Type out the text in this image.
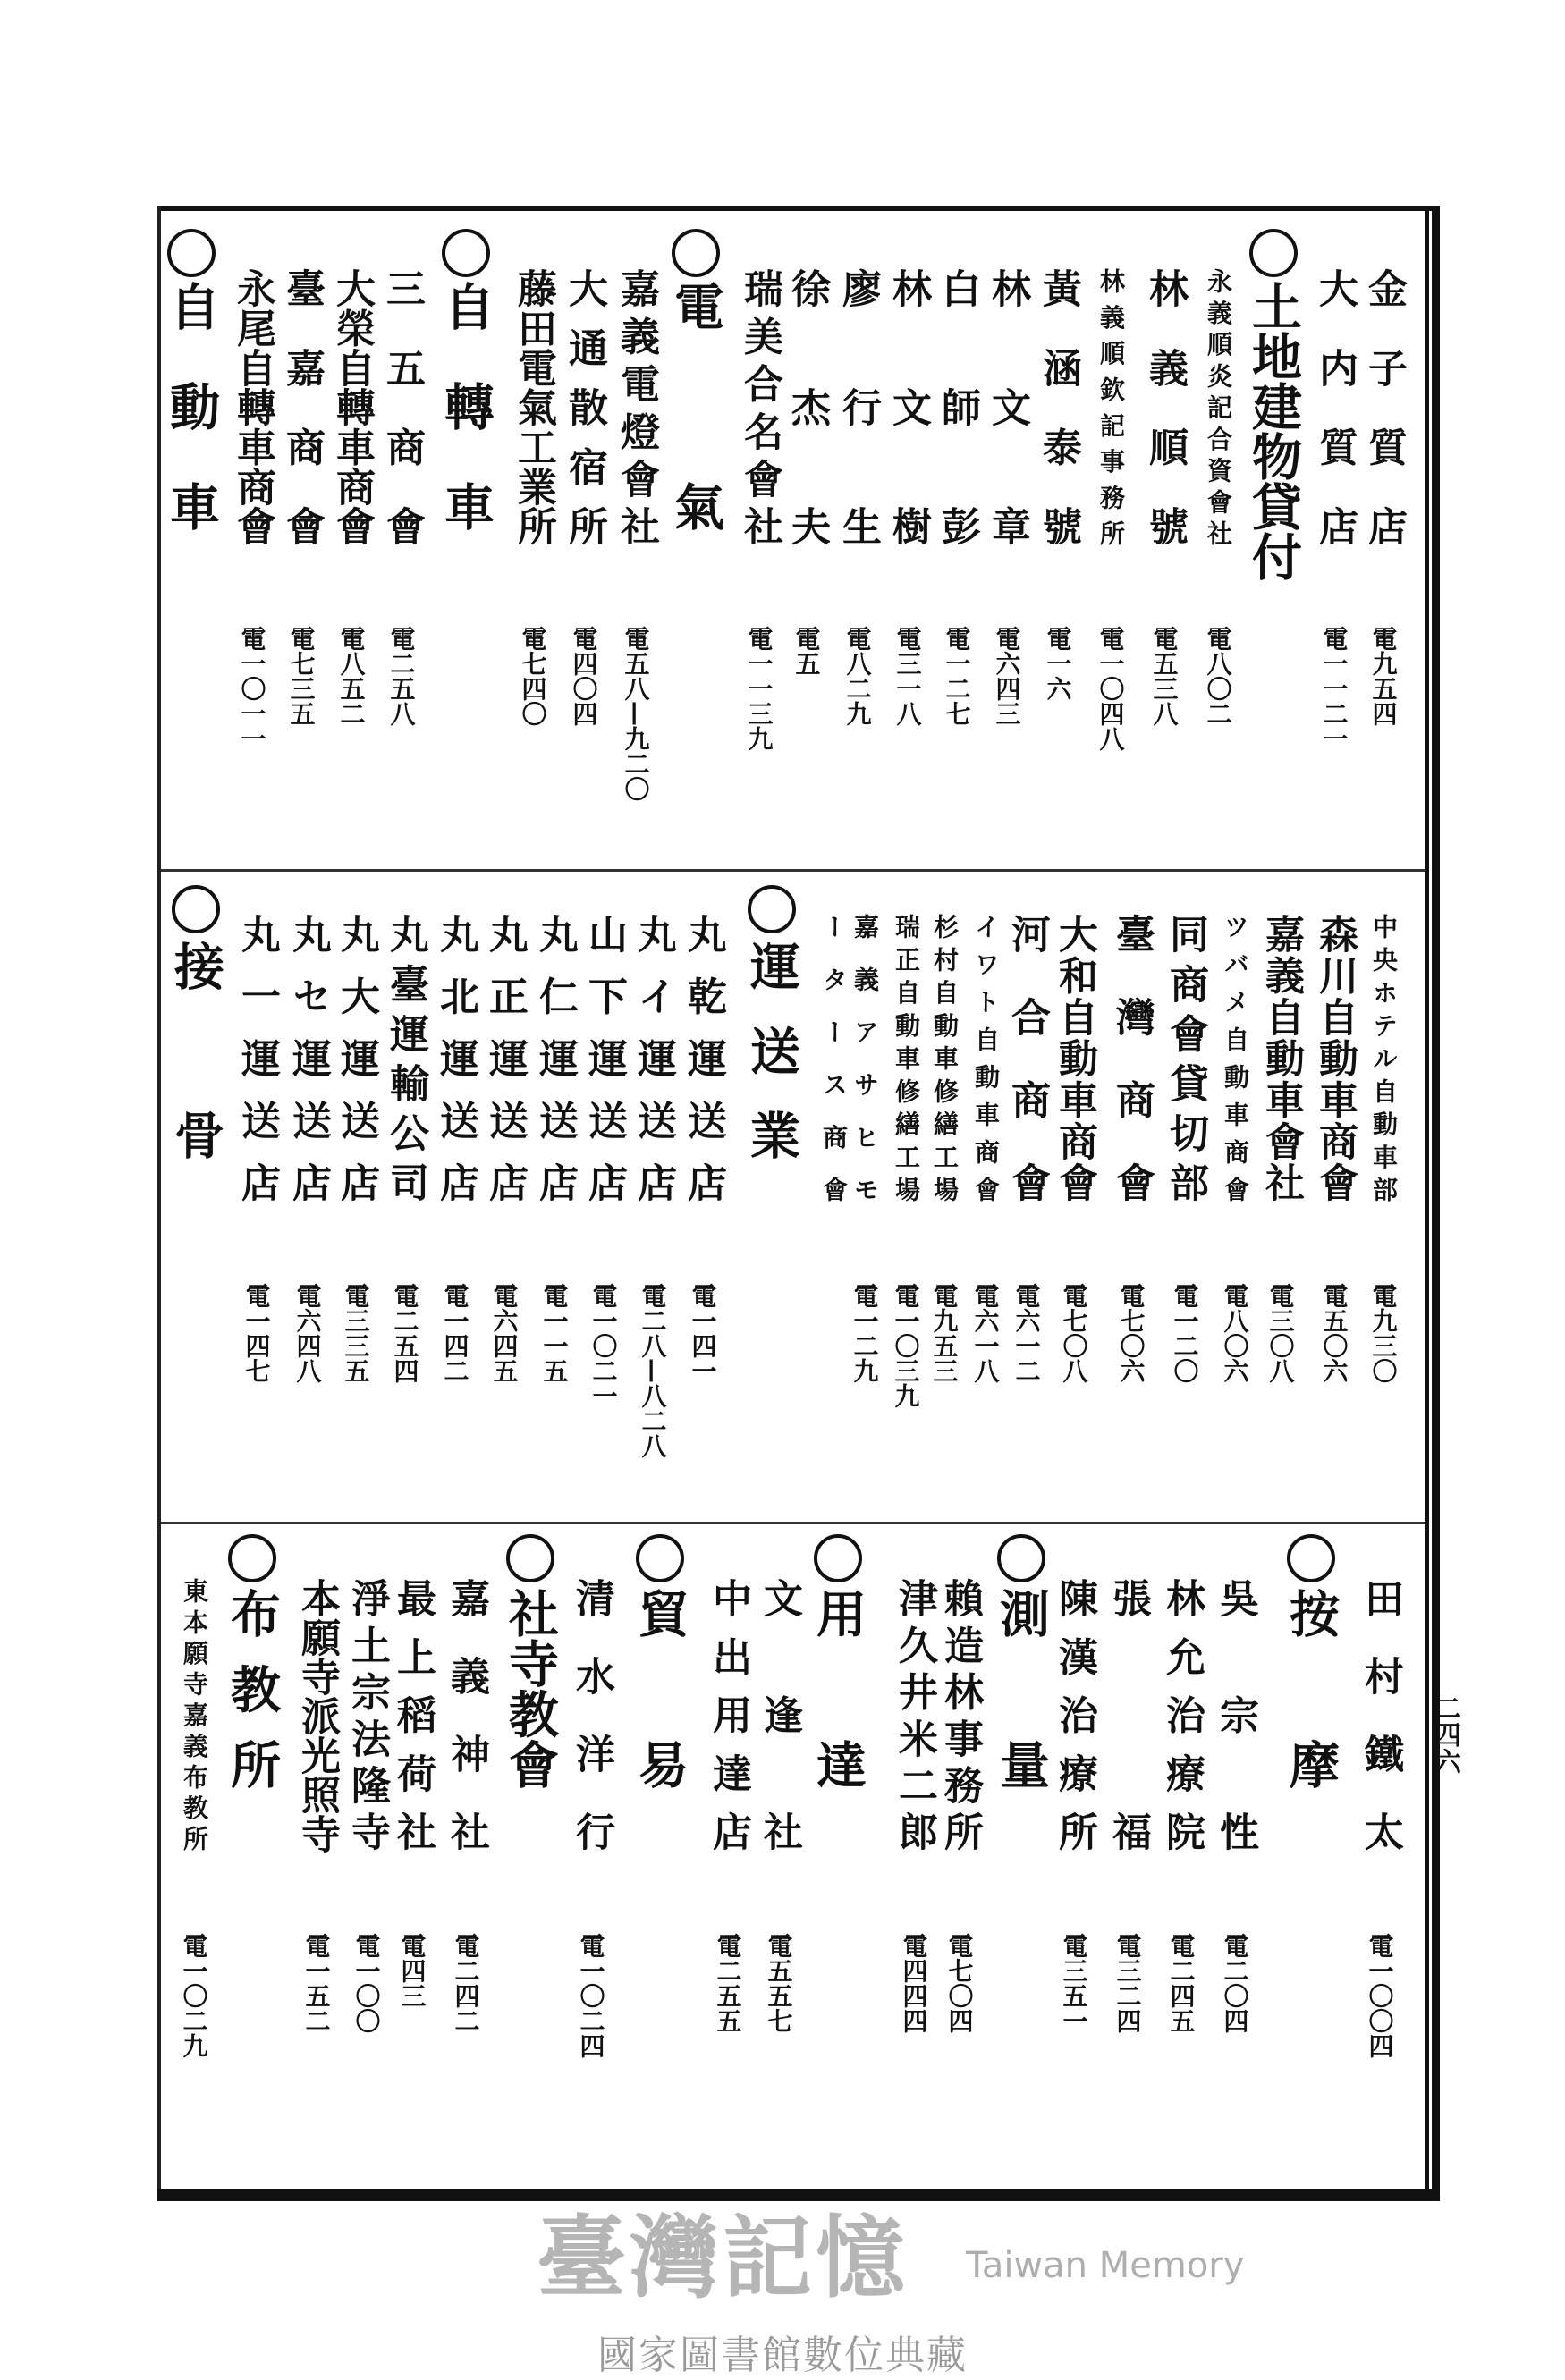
金子質店
電九五四
大内質店
電一一二一
土地建物貸付
永義順炎記合資會社
電八〇二
林義順號
電五三八
林義順欽記事務所
電一〇四八
黃涵泰號
電一六
林文章
電六四三
白師彭
電一二七
林文樹
電三一八
廖行生
電八二九
徐杰夫
電五
瑞美合名會社
電一一三九
電氣
嘉義電燈會社
電五八—九二〇
大通散宿所
電四〇四
藤田電氣工業所
電七四〇
自轉車
三五商會
電二五八
大榮自轉車商會
電八五二
臺嘉商會
電七三五
永尾自轉車商會
電一〇一一
自動車
中央ホテル自動車部
電九三〇
森川自動車商會
電五〇六
嘉義自動車會社
電三〇八
ツバメ自動車商會
電八〇六
同商會貸切部
電一二〇
臺灣商會
電七〇六
大和自動車商會
電七〇八
河合商會
電六一二
イワト自動車商會
電六一八
杉村自動車修繕工場
電九五三
瑞正自動車修繕工場
電一〇三九
嘉義アサヒモ
電一二九
ータース商會
運送業
丸乾運送店
電一四一
丸イ運送店
電二八—八二八
山下運送店
電一〇二一
丸仁運送店
電一一五
丸正運送店
電六四五
丸北運送店
電一四二
丸臺運輸公司
電二五四
丸大運送店
電三三五
丸セ運送店
電六四八
丸一運送店
電一四七
接骨
田村鐵太
電一〇〇四
按摩
吳宗性
電二〇四
林允治療院
電二四五
張福
電三二四
陳漢治療所
電三五一
測量
賴造林事務所
電七〇四
津久井米二郎
電四四四
用達
文逢社
電五五七
中出用達店
電二五五
貿易
清水洋行
電一〇二四
社寺教會
嘉義神社
電二四二
最上稻荷社
電四三
淨土宗法隆寺
電一〇〇
本願寺派光照寺
電一五二
布教所
東本願寺嘉義布教所
電一〇二九
二四六
臺灣記憶 Taiwan Memory
國家圖書館數位典藏
